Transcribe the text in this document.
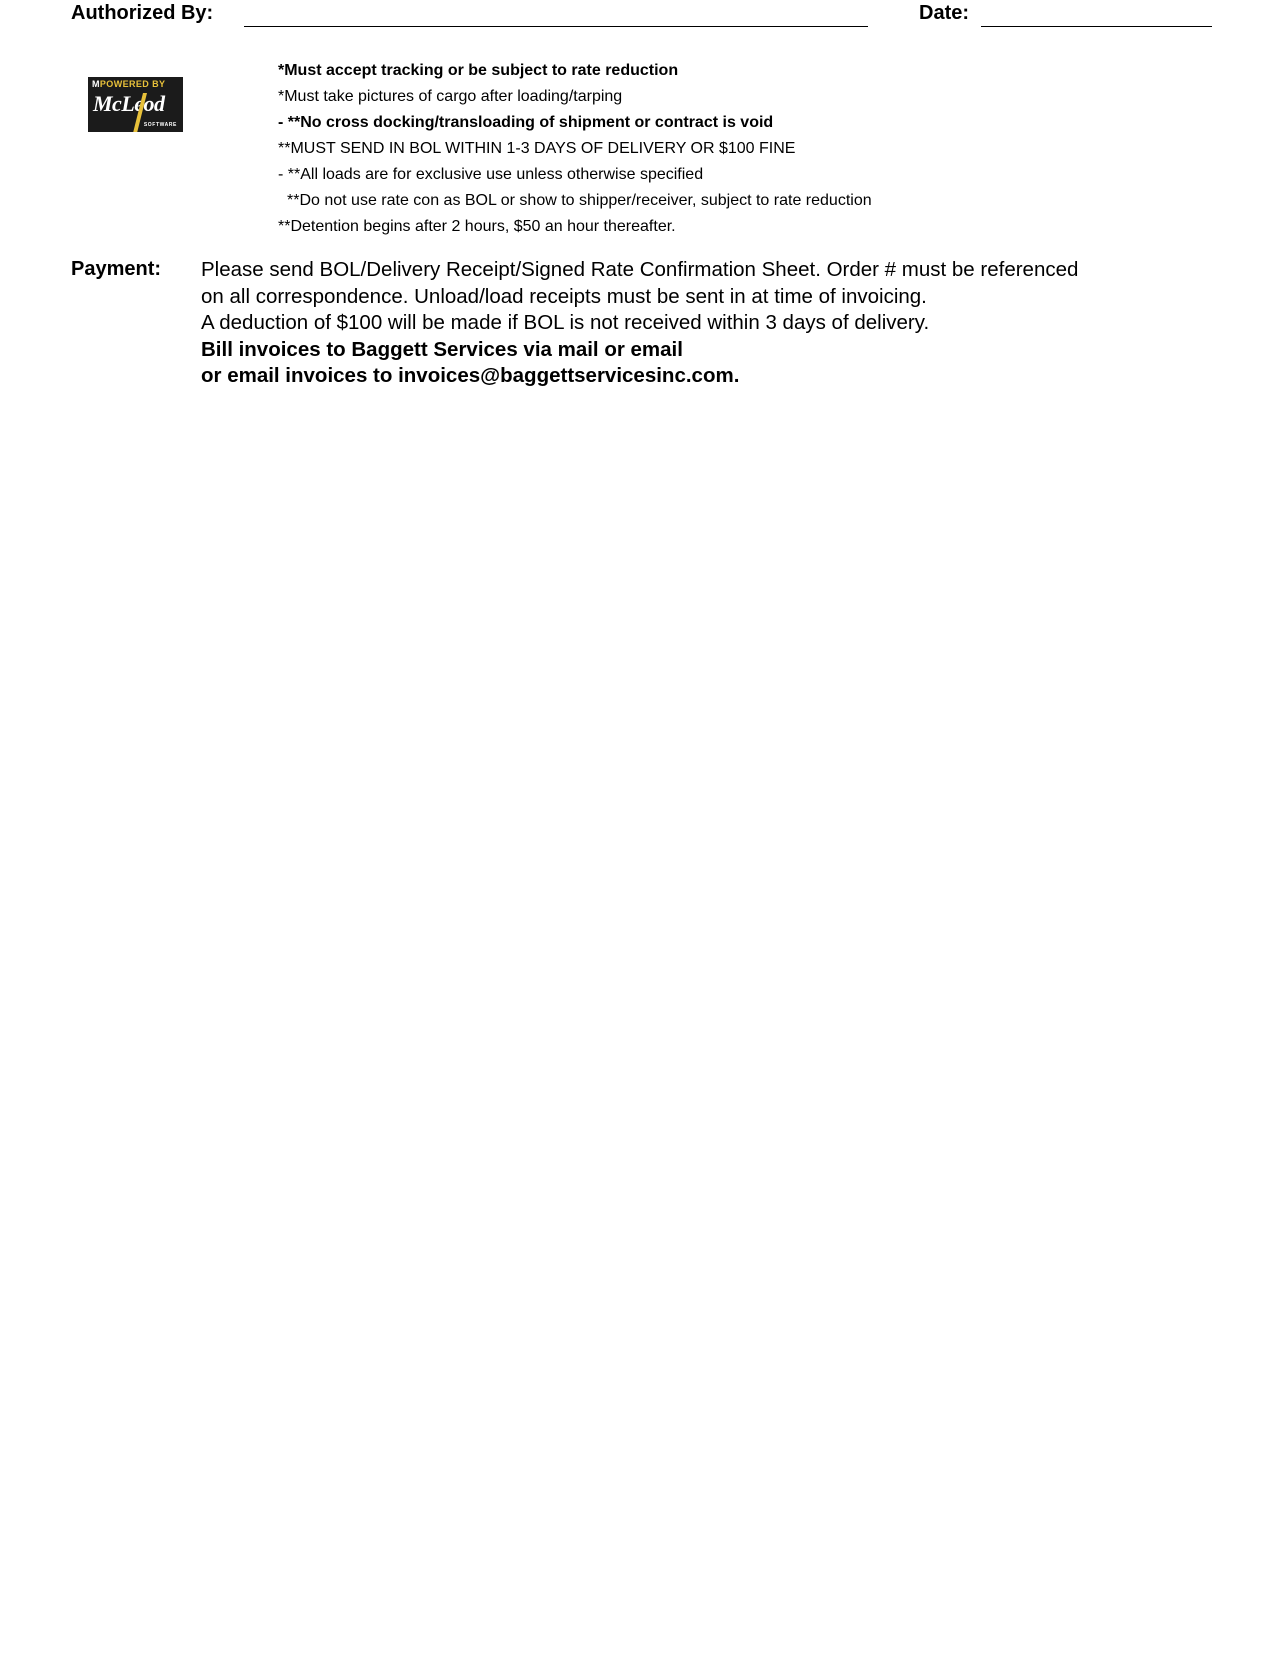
Authorized By:	Date:
MPOWERED BY
McLeod
SOFTWARE
*Must accept tracking or be subject to rate reduction
*Must take pictures of cargo after loading/tarping
- **No cross docking/transloading of shipment or contract is void
**MUST SEND IN BOL WITHIN 1-3 DAYS OF DELIVERY OR $100 FINE
- **All loads are for exclusive use unless otherwise specified
**Do not use rate con as BOL or show to shipper/receiver, subject to rate reduction
**Detention begins after 2 hours, $50 an hour thereafter.
Payment: Please send BOL/Delivery Receipt/Signed Rate Confirmation Sheet. Order # must be referenced
on all correspondence. Unload/load receipts must be sent in at time of invoicing.
A deduction of $100 will be made if BOL is not received within 3 days of delivery.
Bill invoices to Baggett Services via mail or email
or email invoices to invoices@baggettservicesinc.com.
